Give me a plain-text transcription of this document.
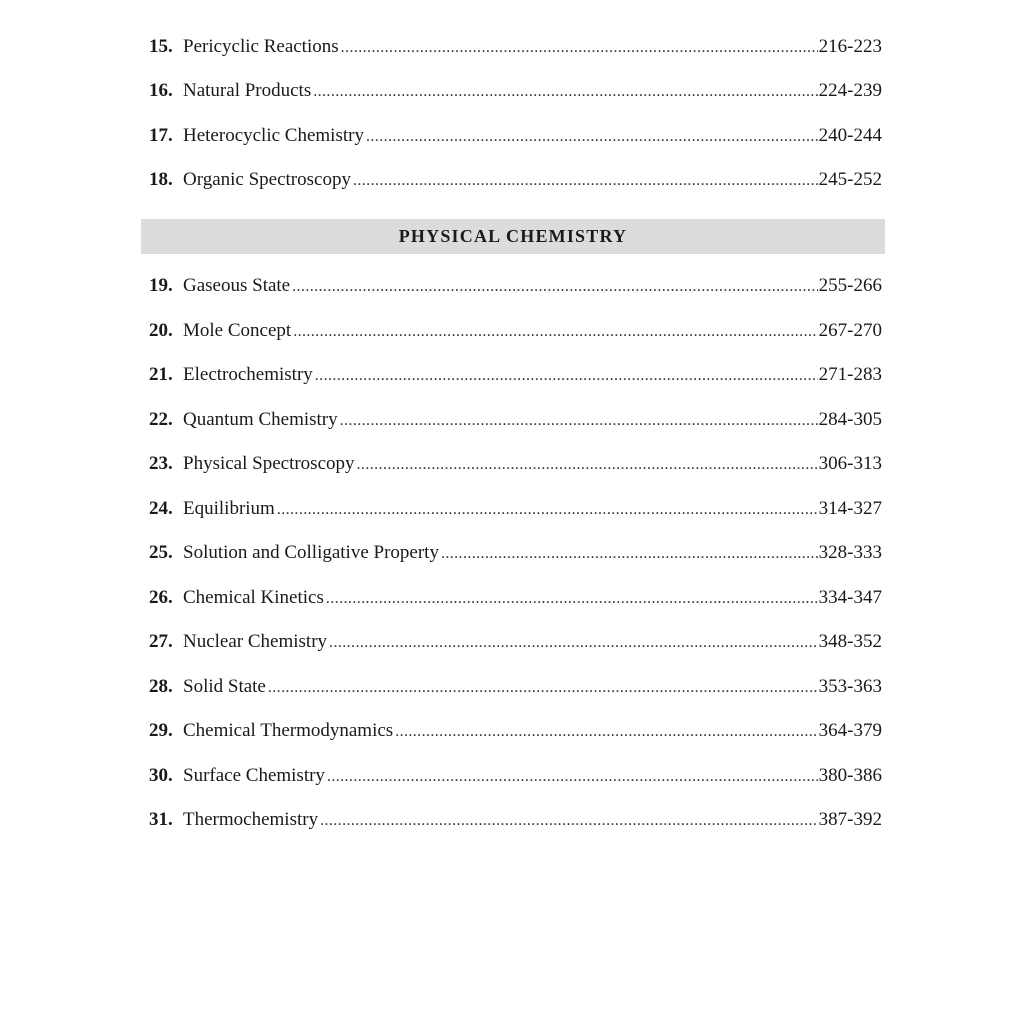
15. Pericyclic Reactions .....	216-223
16. Natural Products .....	224-239
17. Heterocyclic Chemistry .....	240-244
18. Organic Spectroscopy .....	245-252
PHYSICAL CHEMISTRY
19. Gaseous State .....	255-266
20. Mole Concept .....	267-270
21. Electrochemistry .....	271-283
22. Quantum Chemistry .....	284-305
23. Physical Spectroscopy .....	306-313
24. Equilibrium .....	314-327
25. Solution and Colligative Property .....	328-333
26. Chemical Kinetics .....	334-347
27. Nuclear Chemistry .....	348-352
28. Solid State .....	353-363
29. Chemical Thermodynamics .....	364-379
30. Surface Chemistry .....	380-386
31. Thermochemistry .....	387-392
